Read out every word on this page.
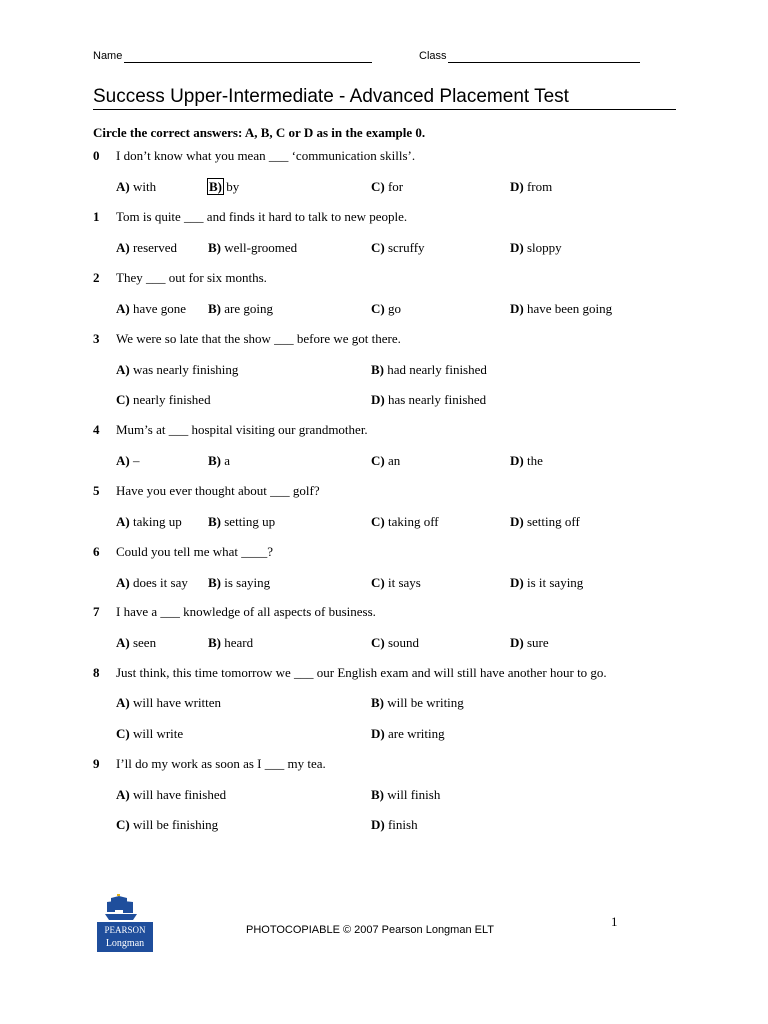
Name	Class
Success Upper-Intermediate - Advanced Placement Test
Circle the correct answers: A, B, C or D as in the example 0.
0 I don’t know what you mean ___ ‘communication skills’.
A) with	B) by	C) for	D) from
1 Tom is quite ___ and finds it hard to talk to new people.
A) reserved B) well-groomed	C) scruffy	D) sloppy
2 They ___ out for six months.
A) have gone B) are going	C) go	D) have been going
3 We were so late that the show ___ before we got there.
A) was nearly finishing	B) had nearly finished
C) nearly finished	D) has nearly finished
4 Mum’s at ___ hospital visiting our grandmother.
A) –	B) a	C) an	D) the
5 Have you ever thought about ___ golf?
A) taking up B) setting up	C) taking off	D) setting off
6 Could you tell me what ____?
A) does it say B) is saying	C) it says	D) is it saying
7 I have a ___ knowledge of all aspects of business.
A) seen	B) heard	C) sound	D) sure
8 Just think, this time tomorrow we ___ our English exam and will still have another hour to go.
A) will have written	B) will be writing
C) will write	D) are writing
9 I’ll do my work as soon as I ___ my tea.
A) will have finished	B) will finish
C) will be finishing	D) finish
PEARSON
Longman
PHOTOCOPIABLE © 2007 Pearson Longman ELT
1
